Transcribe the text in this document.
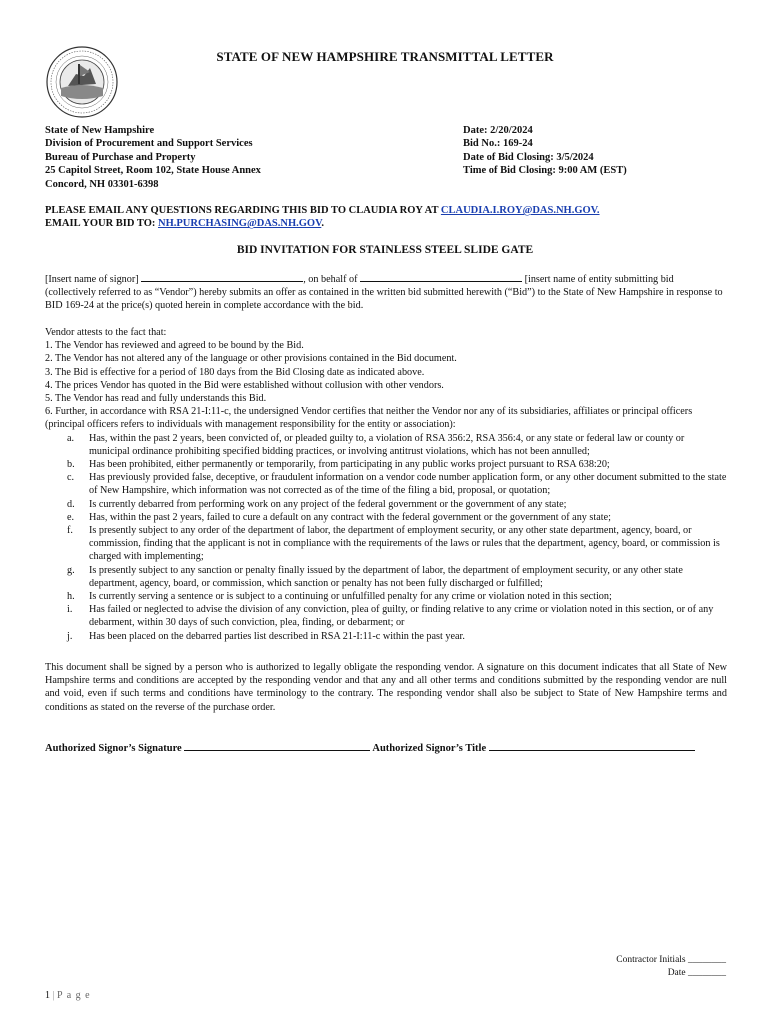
STATE OF NEW HAMPSHIRE TRANSMITTAL LETTER
State of New Hampshire
Division of Procurement and Support Services
Bureau of Purchase and Property
25 Capitol Street, Room 102, State House Annex
Concord, NH 03301-6398
Date: 2/20/2024
Bid No.: 169-24
Date of Bid Closing: 3/5/2024
Time of Bid Closing: 9:00 AM (EST)
PLEASE EMAIL ANY QUESTIONS REGARDING THIS BID TO CLAUDIA ROY AT CLAUDIA.I.ROY@DAS.NH.GOV.
EMAIL YOUR BID TO: NH.PURCHASING@DAS.NH.GOV.
BID INVITATION FOR STAINLESS STEEL SLIDE GATE
[Insert name of signor]	, on behalf of	[insert name of entity submitting bid (collectively referred to as “Vendor”) hereby submits an offer as contained in the written bid submitted herewith (“Bid”) to the State of New Hampshire in response to BID 169-24 at the price(s) quoted herein in complete accordance with the bid.
Vendor attests to the fact that:
1. The Vendor has reviewed and agreed to be bound by the Bid.
2. The Vendor has not altered any of the language or other provisions contained in the Bid document.
3. The Bid is effective for a period of 180 days from the Bid Closing date as indicated above.
4. The prices Vendor has quoted in the Bid were established without collusion with other vendors.
5. The Vendor has read and fully understands this Bid.
6. Further, in accordance with RSA 21-I:11-c, the undersigned Vendor certifies that neither the Vendor nor any of its subsidiaries, affiliates or principal officers (principal officers refers to individuals with management responsibility for the entity or association):
a. Has, within the past 2 years, been convicted of, or pleaded guilty to, a violation of RSA 356:2, RSA 356:4, or any state or federal law or county or municipal ordinance prohibiting specified bidding practices, or involving antitrust violations, which has not been annulled;
b. Has been prohibited, either permanently or temporarily, from participating in any public works project pursuant to RSA 638:20;
c. Has previously provided false, deceptive, or fraudulent information on a vendor code number application form, or any other document submitted to the state of New Hampshire, which information was not corrected as of the time of the filing a bid, proposal, or quotation;
d. Is currently debarred from performing work on any project of the federal government or the government of any state;
e. Has, within the past 2 years, failed to cure a default on any contract with the federal government or the government of any state;
f. Is presently subject to any order of the department of labor, the department of employment security, or any other state department, agency, board, or commission, finding that the applicant is not in compliance with the requirements of the laws or rules that the department, agency, board, or commission is charged with implementing;
g. Is presently subject to any sanction or penalty finally issued by the department of labor, the department of employment security, or any other state department, agency, board, or commission, which sanction or penalty has not been fully discharged or fulfilled;
h. Is currently serving a sentence or is subject to a continuing or unfulfilled penalty for any crime or violation noted in this section;
i. Has failed or neglected to advise the division of any conviction, plea of guilty, or finding relative to any crime or violation noted in this section, or of any debarment, within 30 days of such conviction, plea, finding, or debarment; or
j. Has been placed on the debarred parties list described in RSA 21-I:11-c within the past year.
This document shall be signed by a person who is authorized to legally obligate the responding vendor. A signature on this document indicates that all State of New Hampshire terms and conditions are accepted by the responding vendor and that any and all other terms and conditions submitted by the responding vendor are null and void, even if such terms and conditions have terminology to the contrary. The responding vendor shall also be subject to State of New Hampshire terms and conditions as stated on the reverse of the purchase order.
Authorized Signor’s Signature	Authorized Signor’s Title
Contractor Initials ________
Date ________
1 | P a g e
